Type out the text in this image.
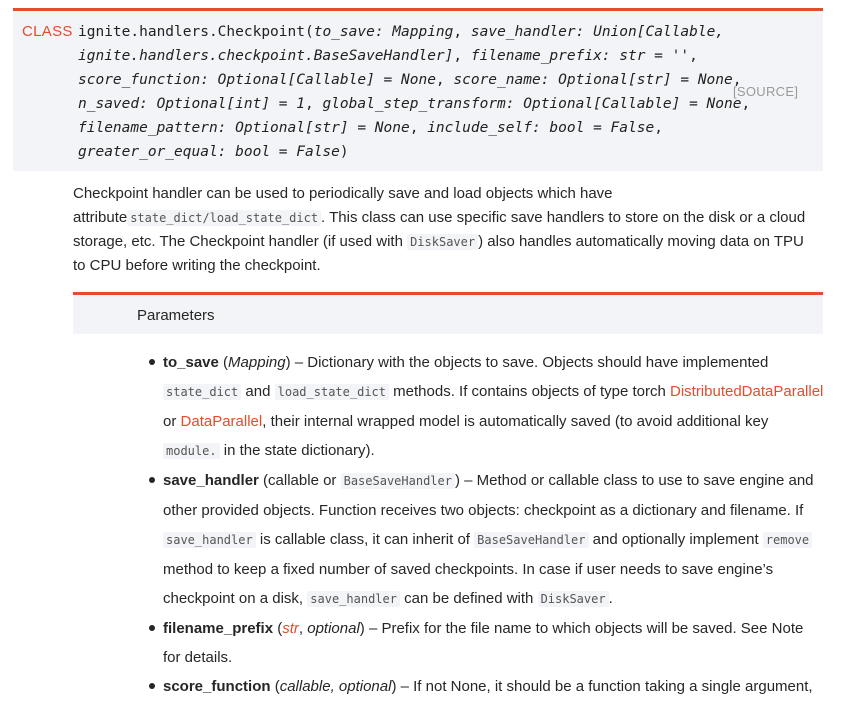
CLASS ignite.handlers.Checkpoint(to_save: Mapping, save_handler: Union[Callable,
ignite.handlers.checkpoint.BaseSaveHandler], filename_prefix: str = '',
score_function: Optional[Callable] = None, score_name: Optional[str] = None,
n_saved: Optional[int] = 1, global_step_transform: Optional[Callable] = None,
filename_pattern: Optional[str] = None, include_self: bool = False,
greater_or_equal: bool = False)
[SOURCE]
Checkpoint handler can be used to periodically save and load objects which have attribute state_dict/load_state_dict . This class can use specific save handlers to store on the disk or a cloud storage, etc. The Checkpoint handler (if used with DiskSaver ) also handles automatically moving data on TPU to CPU before writing the checkpoint.
Parameters
to_save (Mapping) – Dictionary with the objects to save. Objects should have implemented state_dict and load_state_dict methods. If contains objects of type torch DistributedDataParallel or DataParallel, their internal wrapped model is automatically saved (to avoid additional key module. in the state dictionary).
save_handler (callable or BaseSaveHandler ) – Method or callable class to use to save engine and other provided objects. Function receives two objects: checkpoint as a dictionary and filename. If save_handler is callable class, it can inherit of BaseSaveHandler and optionally implement remove method to keep a fixed number of saved checkpoints. In case if user needs to save engine’s checkpoint on a disk, save_handler can be defined with DiskSaver .
filename_prefix (str, optional) – Prefix for the file name to which objects will be saved. See Note for details.
score_function (callable, optional) – If not None, it should be a function taking a single argument,
